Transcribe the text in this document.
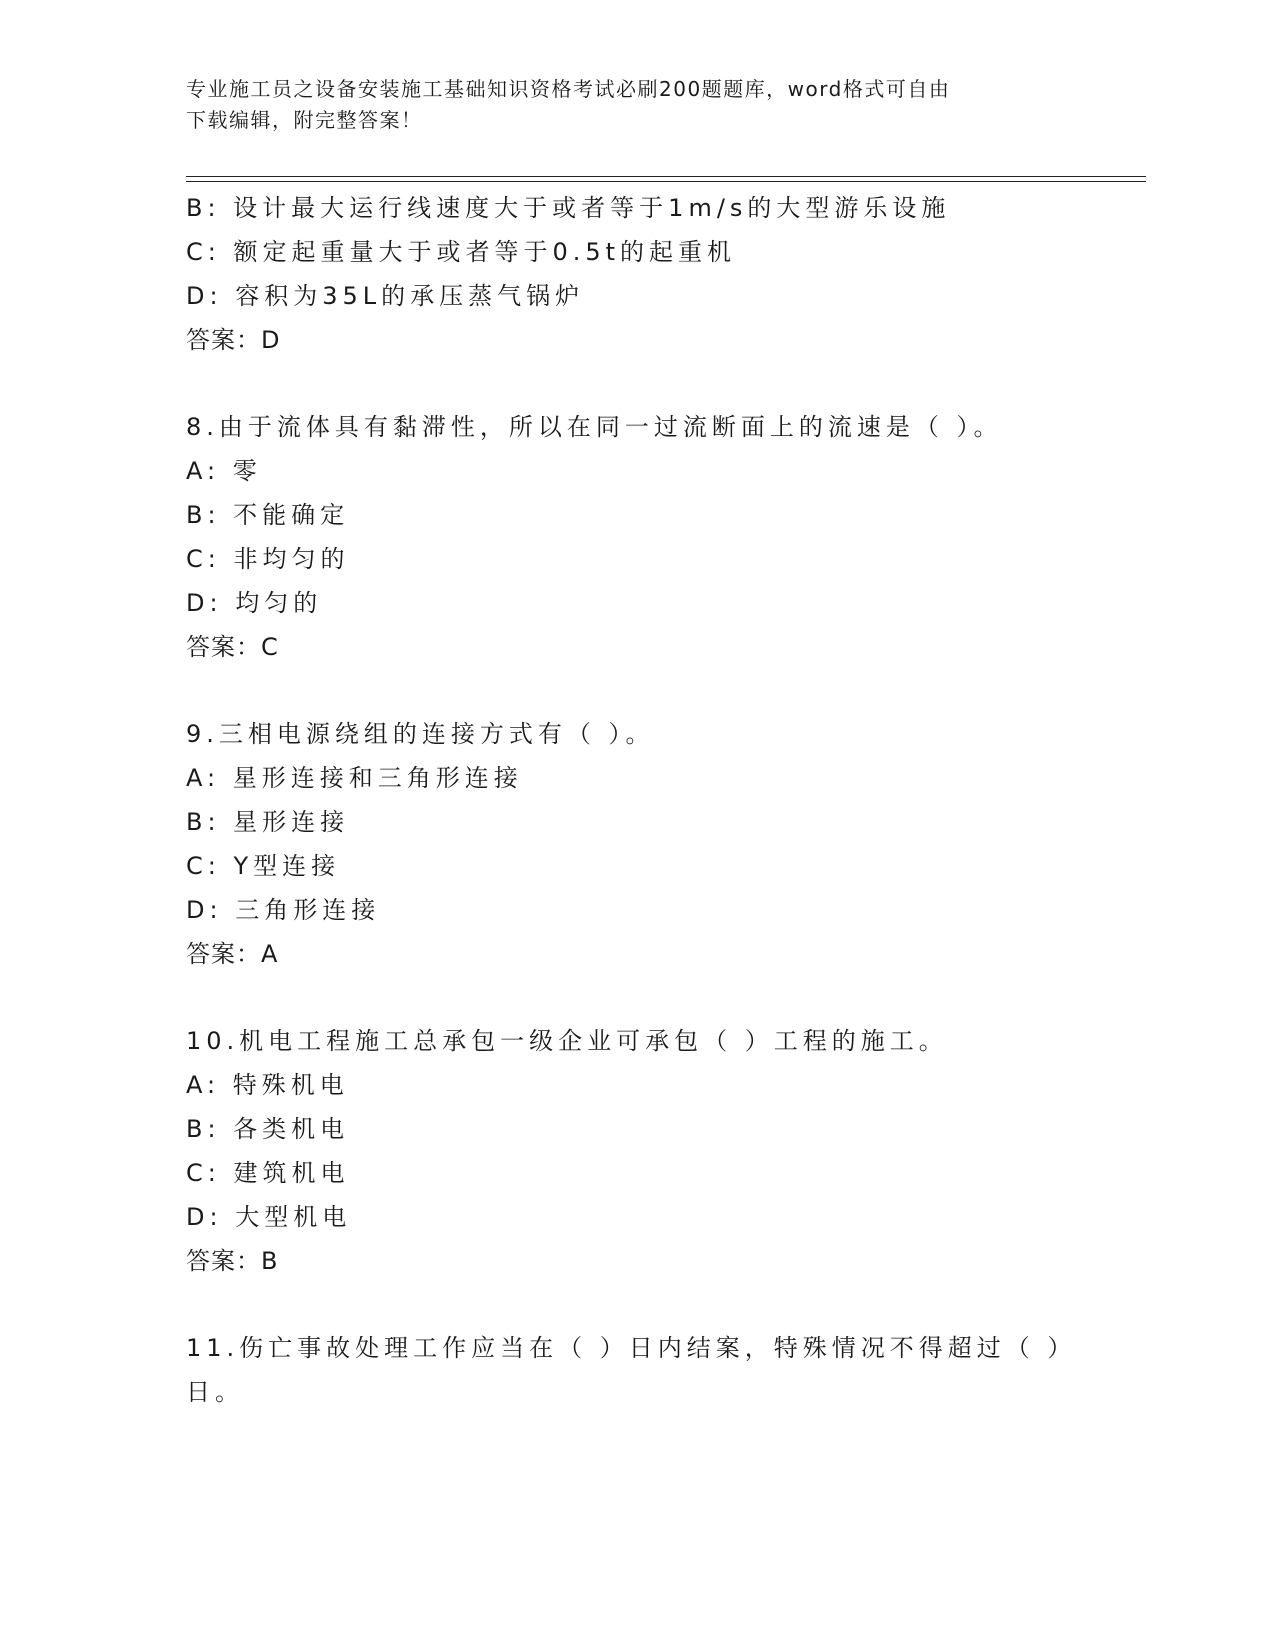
专业施工员之设备安装施工基础知识资格考试必刷200题题库，word格式可自由
下载编辑，附完整答案！
B: 设计最大运行线速度大于或者等于1m/s的大型游乐设施
C: 额定起重量大于或者等于0.5t的起重机
D: 容积为35L的承压蒸气锅炉
答案：D
8.由于流体具有黏滞性，所以在同一过流断面上的流速是（ ）。
A: 零
B: 不能确定
C: 非均匀的
D: 均匀的
答案：C
9.三相电源绕组的连接方式有（ ）。
A: 星形连接和三角形连接
B: 星形连接
C: Y型连接
D: 三角形连接
答案：A
10.机电工程施工总承包一级企业可承包（ ）工程的施工。
A: 特殊机电
B: 各类机电
C: 建筑机电
D: 大型机电
答案：B
11.伤亡事故处理工作应当在（ ）日内结案，特殊情况不得超过（ ）
日。
